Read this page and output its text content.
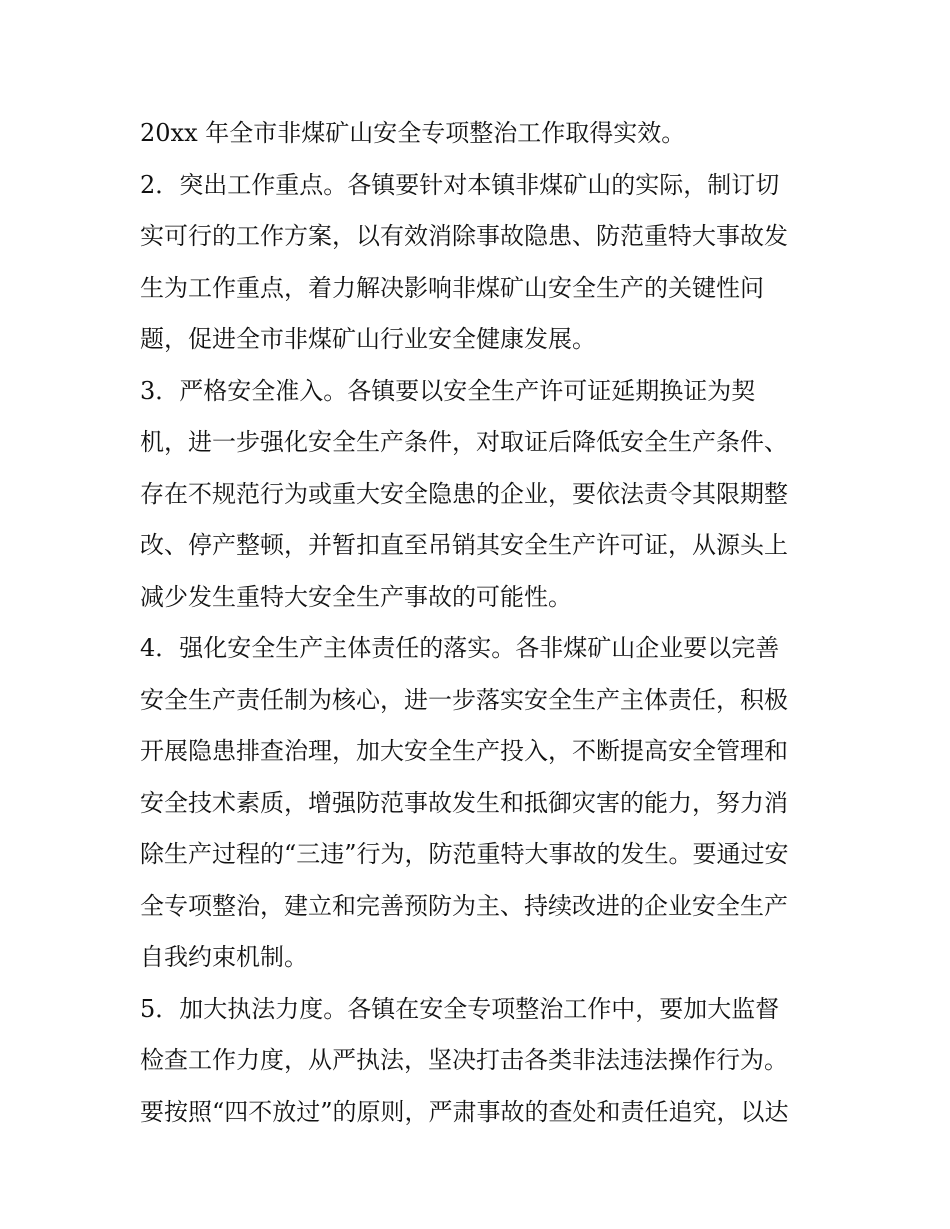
20xx 年全市非煤矿山安全专项整治工作取得实效。
2．突出工作重点。各镇要针对本镇非煤矿山的实际，制订切
实可行的工作方案，以有效消除事故隐患、防范重特大事故发
生为工作重点，着力解决影响非煤矿山安全生产的关键性问
题，促进全市非煤矿山行业安全健康发展。
3．严格安全准入。各镇要以安全生产许可证延期换证为契
机，进一步强化安全生产条件，对取证后降低安全生产条件、
存在不规范行为或重大安全隐患的企业，要依法责令其限期整
改、停产整顿，并暂扣直至吊销其安全生产许可证，从源头上
减少发生重特大安全生产事故的可能性。
4．强化安全生产主体责任的落实。各非煤矿山企业要以完善
安全生产责任制为核心，进一步落实安全生产主体责任，积极
开展隐患排查治理，加大安全生产投入，不断提高安全管理和
安全技术素质，增强防范事故发生和抵御灾害的能力，努力消
除生产过程的“三违”行为，防范重特大事故的发生。要通过安
全专项整治，建立和完善预防为主、持续改进的企业安全生产
自我约束机制。
5．加大执法力度。各镇在安全专项整治工作中，要加大监督
检查工作力度，从严执法，坚决打击各类非法违法操作行为。
要按照“四不放过”的原则，严肃事故的查处和责任追究，以达
